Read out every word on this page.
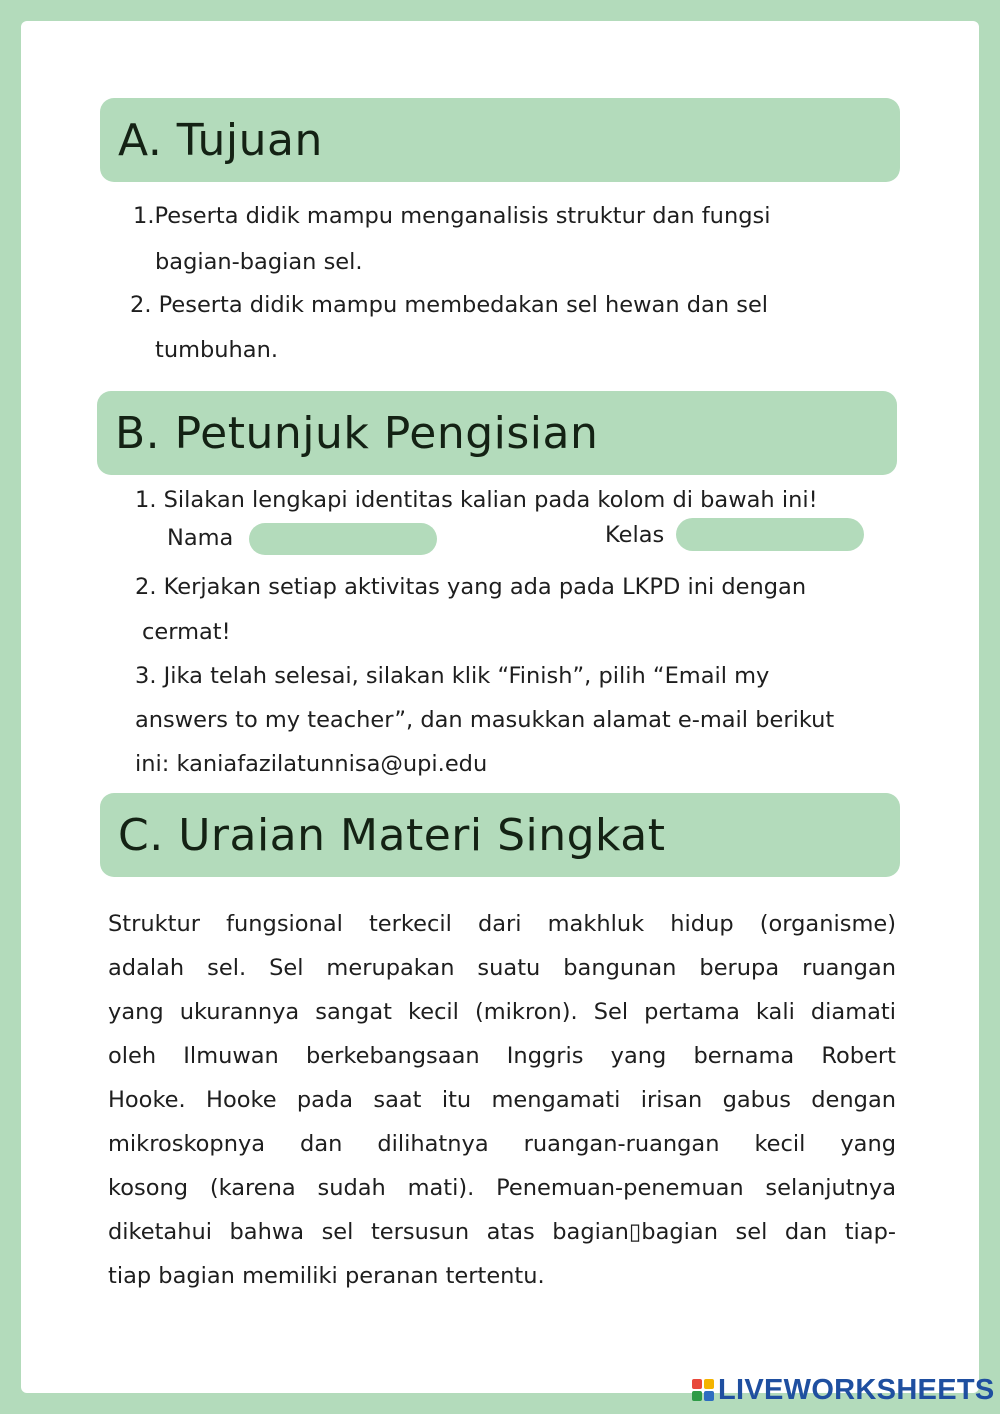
A. Tujuan
1.Peserta didik mampu menganalisis struktur dan fungsi
bagian-bagian sel.
2. Peserta didik mampu membedakan sel hewan dan sel
tumbuhan.
B. Petunjuk Pengisian
1. Silakan lengkapi identitas kalian pada kolom di bawah ini!
Nama	Kelas
2. Kerjakan setiap aktivitas yang ada pada LKPD ini dengan
cermat!
3. Jika telah selesai, silakan klik “Finish”, pilih “Email my
answers to my teacher”, dan masukkan alamat e-mail berikut
ini: kaniafazilatunnisa@upi.edu
C. Uraian Materi Singkat
Struktur fungsional terkecil dari makhluk hidup (organisme)
adalah sel. Sel merupakan suatu bangunan berupa ruangan
yang ukurannya sangat kecil (mikron). Sel pertama kali diamati
oleh Ilmuwan berkebangsaan Inggris yang bernama Robert
Hooke. Hooke pada saat itu mengamati irisan gabus dengan
mikroskopnya dan dilihatnya ruangan-ruangan kecil yang
kosong (karena sudah mati). Penemuan-penemuan selanjutnya
diketahui bahwa sel tersusun atas bagian▯bagian sel dan tiap-
tiap bagian memiliki peranan tertentu.
LIVEWORKSHEETS
